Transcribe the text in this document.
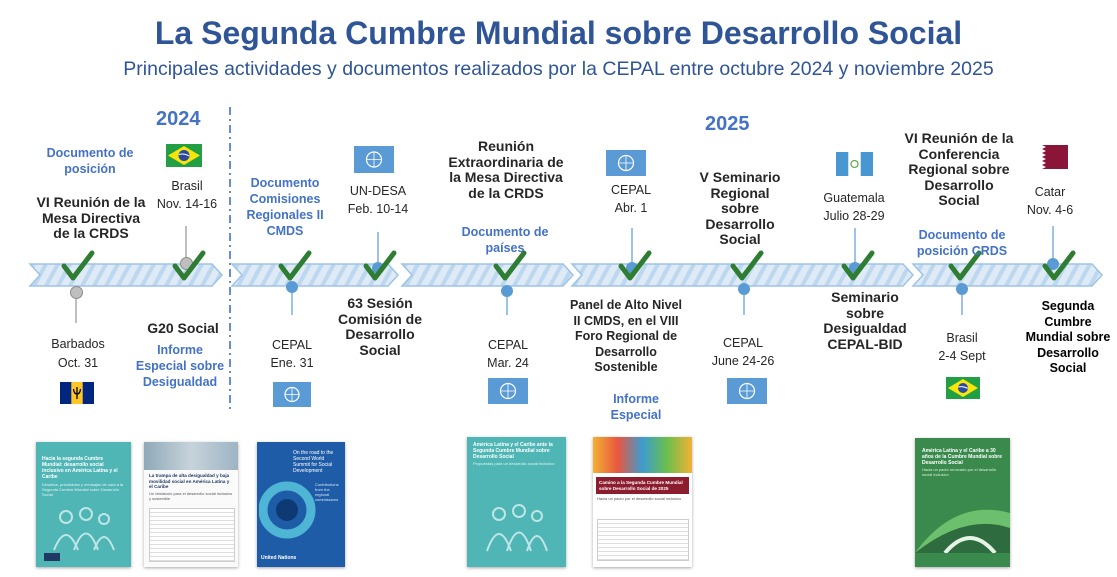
La Segunda Cumbre Mundial sobre Desarrollo Social
Principales actividades y documentos realizados por la CEPAL entre octubre 2024 y noviembre 2025
2024	2025
Documento de posición
VI Reunión de la Mesa Directiva de la CRDS
Barbados
Oct. 31
Brasil
Nov. 14-16
G20 Social
Informe Especial sobre Desigualdad
Documento Comisiones Regionales II CMDS
CEPAL
Ene. 31
UN-DESA
Feb. 10-14
63 Sesión Comisión de Desarrollo Social
Reunión Extraordinaria de la Mesa Directiva de la CRDS
Documento de países
CEPAL
Mar. 24
CEPAL
Abr. 1
Panel de Alto Nivel II CMDS, en el VIII Foro Regional de Desarrollo Sostenible
Informe Especial
V Seminario Regional sobre Desarrollo Social
CEPAL
June 24-26
Guatemala
Julio 28-29
Seminario sobre Desigualdad CEPAL-BID
VI Reunión de la Conferencia Regional sobre Desarrollo Social
Documento de posición CRDS
Brasil
2-4 Sept
Catar
Nov. 4-6
Segunda Cumbre Mundial sobre Desarrollo Social
Hacia la segunda Cumbre Mundial: desarrollo social inclusivo en América Latina y el Caribe
Desafíos, prioridades y mensajes de cara a la Segunda Cumbre Mundial sobre Desarrollo Social
La trampa de alta desigualdad y baja movilidad social en América Latina y el Caribe
Un obstáculo para el desarrollo social inclusivo y sostenible
On the road to the Second World Summit for Social Development
Contributions from the regional commissions
United Nations
América Latina y el Caribe ante la Segunda Cumbre Mundial sobre Desarrollo Social
Propuestas para un desarrollo social inclusivo
Camino a la Segunda Cumbre Mundial sobre Desarrollo Social de 2025
Hacia un pacto por el desarrollo social inclusivo
América Latina y el Caribe a 30 años de la Cumbre Mundial sobre Desarrollo Social
Hacia un pacto renovado por el desarrollo social inclusivo
